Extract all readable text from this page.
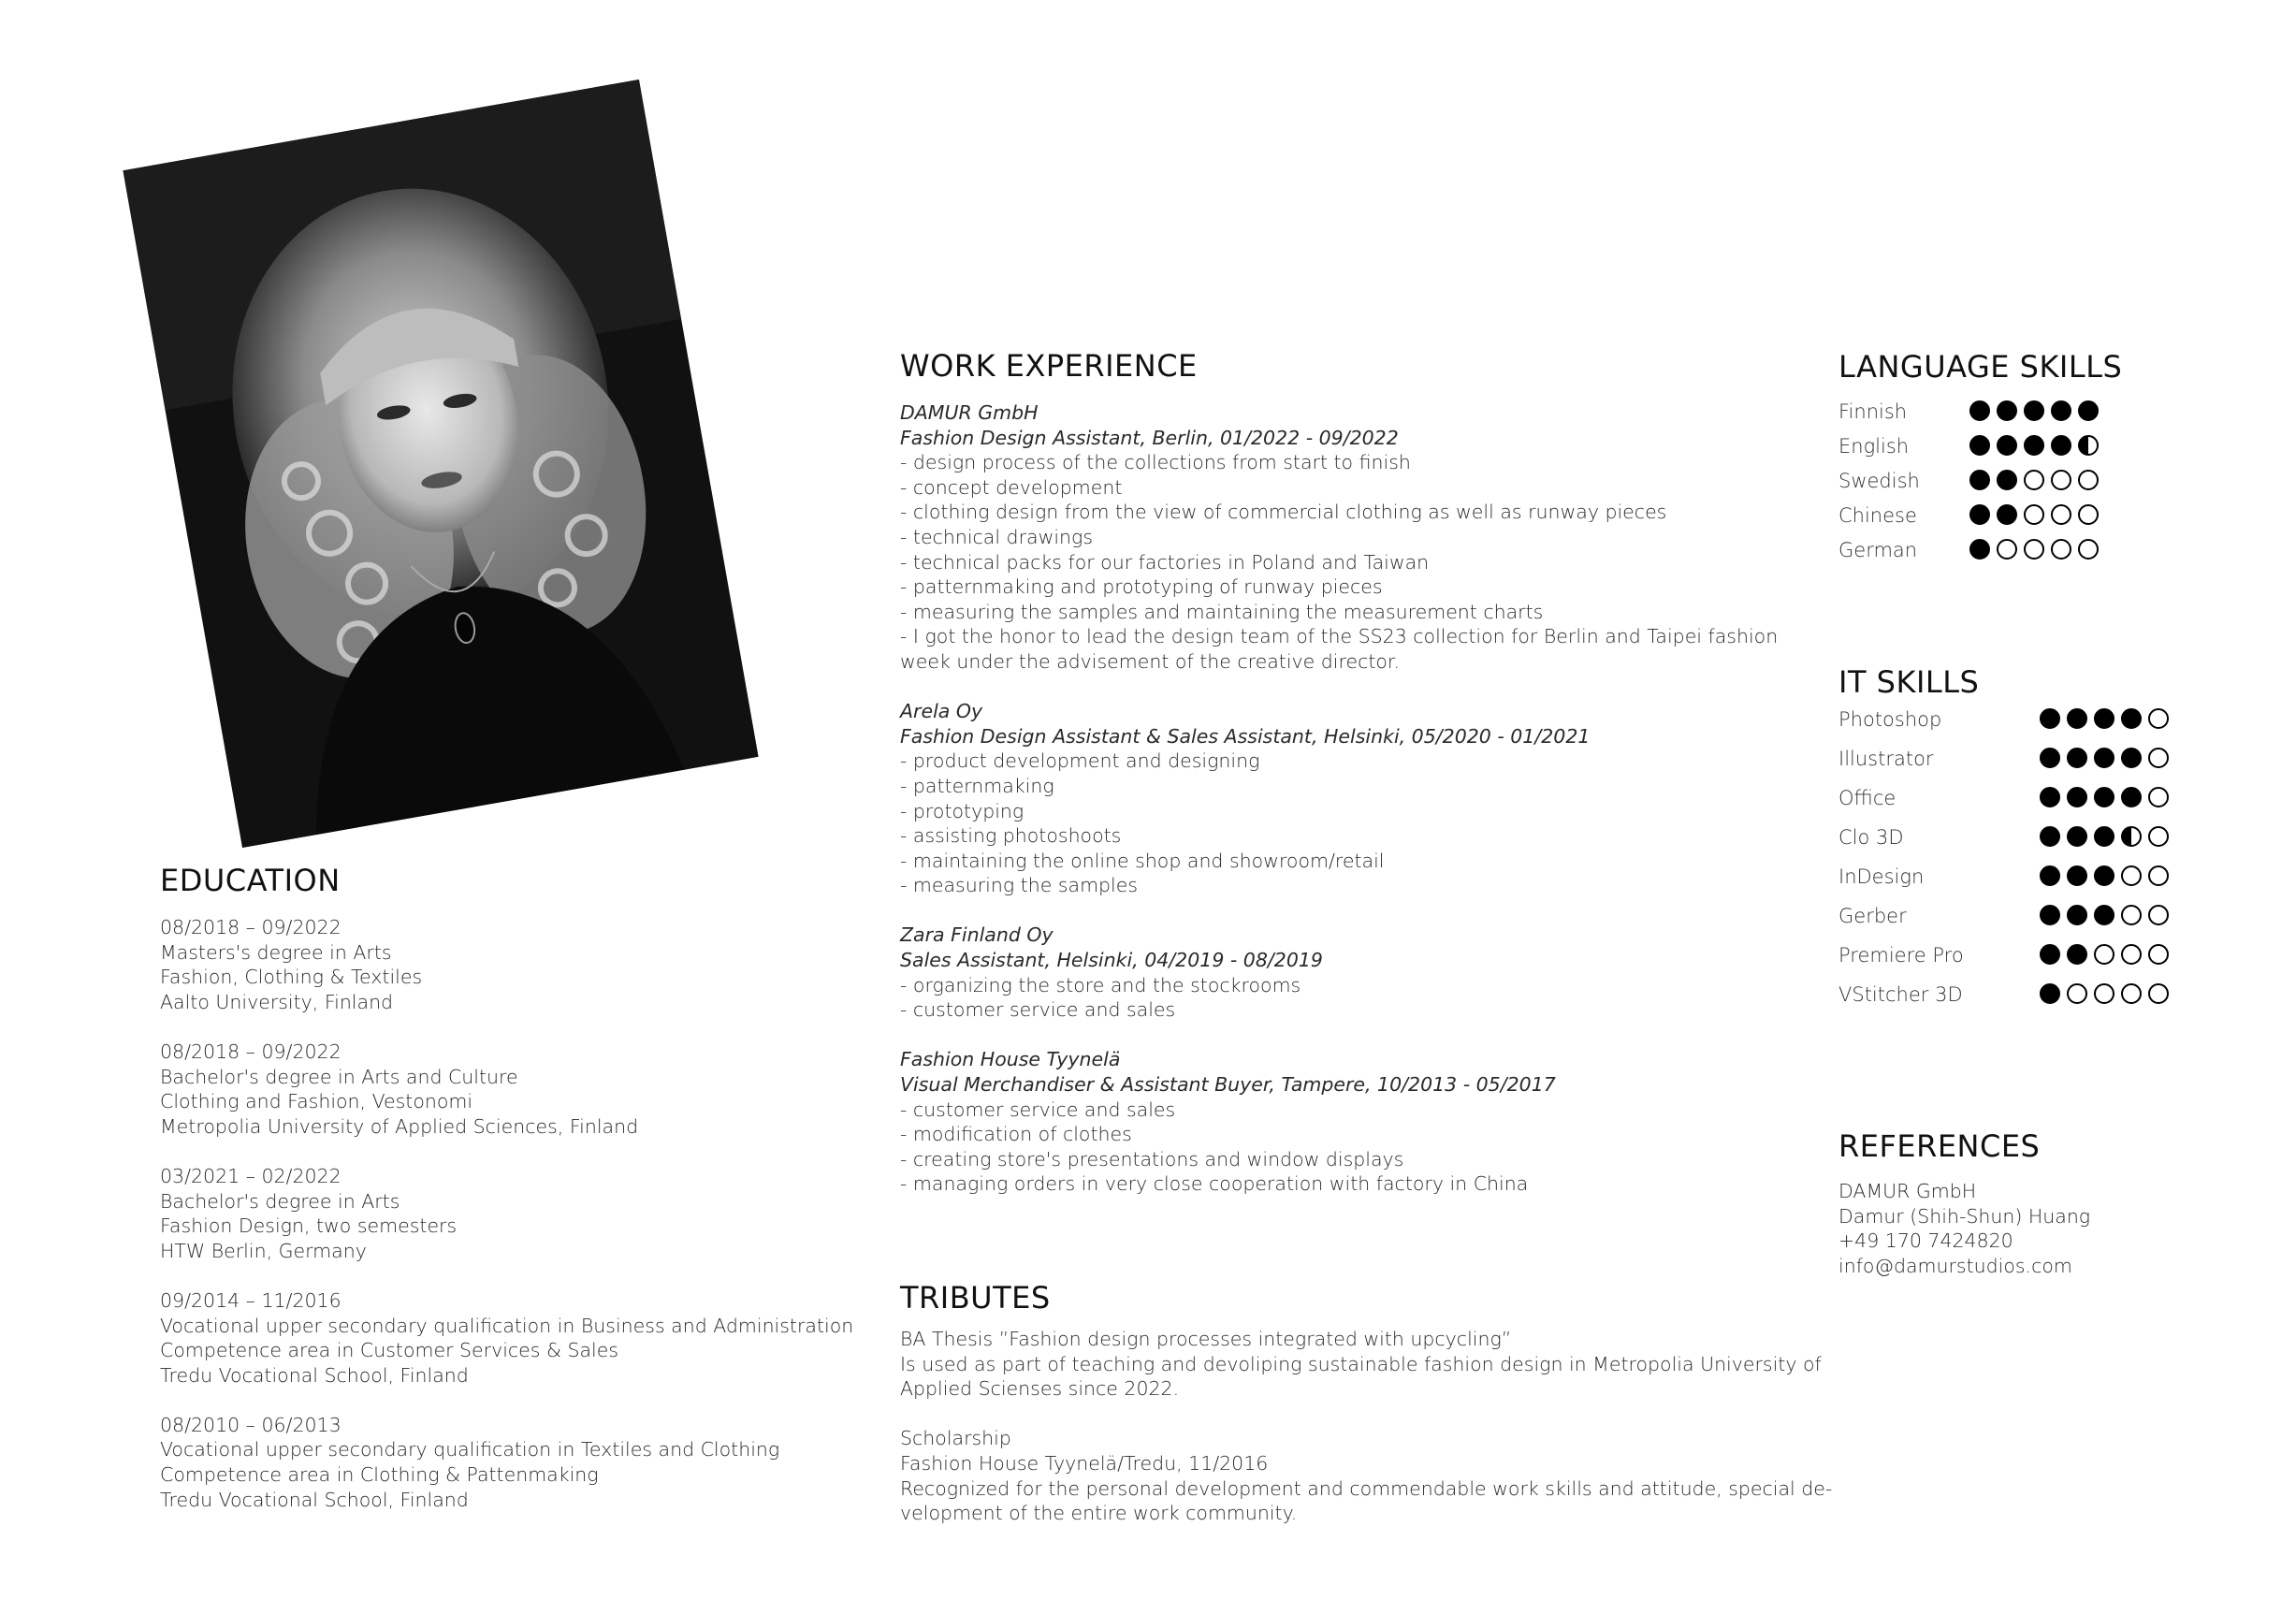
EDUCATION
08/2018 – 09/2022
Masters's degree in Arts
Fashion, Clothing & Textiles
Aalto University, Finland
08/2018 – 09/2022
Bachelor's degree in Arts and Culture
Clothing and Fashion, Vestonomi
Metropolia University of Applied Sciences, Finland
03/2021 – 02/2022
Bachelor's degree in Arts
Fashion Design, two semesters
HTW Berlin, Germany
09/2014 – 11/2016
Vocational upper secondary qualification in Business and Administration
Competence area in Customer Services & Sales
Tredu Vocational School, Finland
08/2010 – 06/2013
Vocational upper secondary qualification in Textiles and Clothing
Competence area in Clothing & Pattenmaking
Tredu Vocational School, Finland
WORK EXPERIENCE
DAMUR GmbH
Fashion Design Assistant, Berlin, 01/2022 - 09/2022
- design process of the collections from start to finish
- concept development
- clothing design from the view of commercial clothing as well as runway pieces
- technical drawings
- technical packs for our factories in Poland and Taiwan
- patternmaking and prototyping of runway pieces
- measuring the samples and maintaining the measurement charts
- I got the honor to lead the design team of the SS23 collection for Berlin and Taipei fashion
week under the advisement of the creative director.
Arela Oy
Fashion Design Assistant & Sales Assistant, Helsinki, 05/2020 - 01/2021
- product development and designing
- patternmaking
- prototyping
- assisting photoshoots
- maintaining the online shop and showroom/retail
- measuring the samples
Zara Finland Oy
Sales Assistant, Helsinki, 04/2019 - 08/2019
- organizing the store and the stockrooms
- customer service and sales
Fashion House Tyynelä
Visual Merchandiser & Assistant Buyer, Tampere, 10/2013 - 05/2017
- customer service and sales
- modification of clothes
- creating store's presentations and window displays
- managing orders in very close cooperation with factory in China
TRIBUTES
BA Thesis ”Fashion design processes integrated with upcycling”
Is used as part of teaching and devoliping sustainable fashion design in Metropolia University of
Applied Scienses since 2022.
Scholarship
Fashion House Tyynelä/Tredu, 11/2016
Recognized for the personal development and commendable work skills and attitude, special de-
velopment of the entire work community.
LANGUAGE SKILLS
Finnish
English
Swedish
Chinese
German
IT SKILLS
Photoshop
Illustrator
Office
Clo 3D
InDesign
Gerber
Premiere Pro
VStitcher 3D
REFERENCES
DAMUR GmbH
Damur (Shih-Shun) Huang
+49 170 7424820
info@damurstudios.com
